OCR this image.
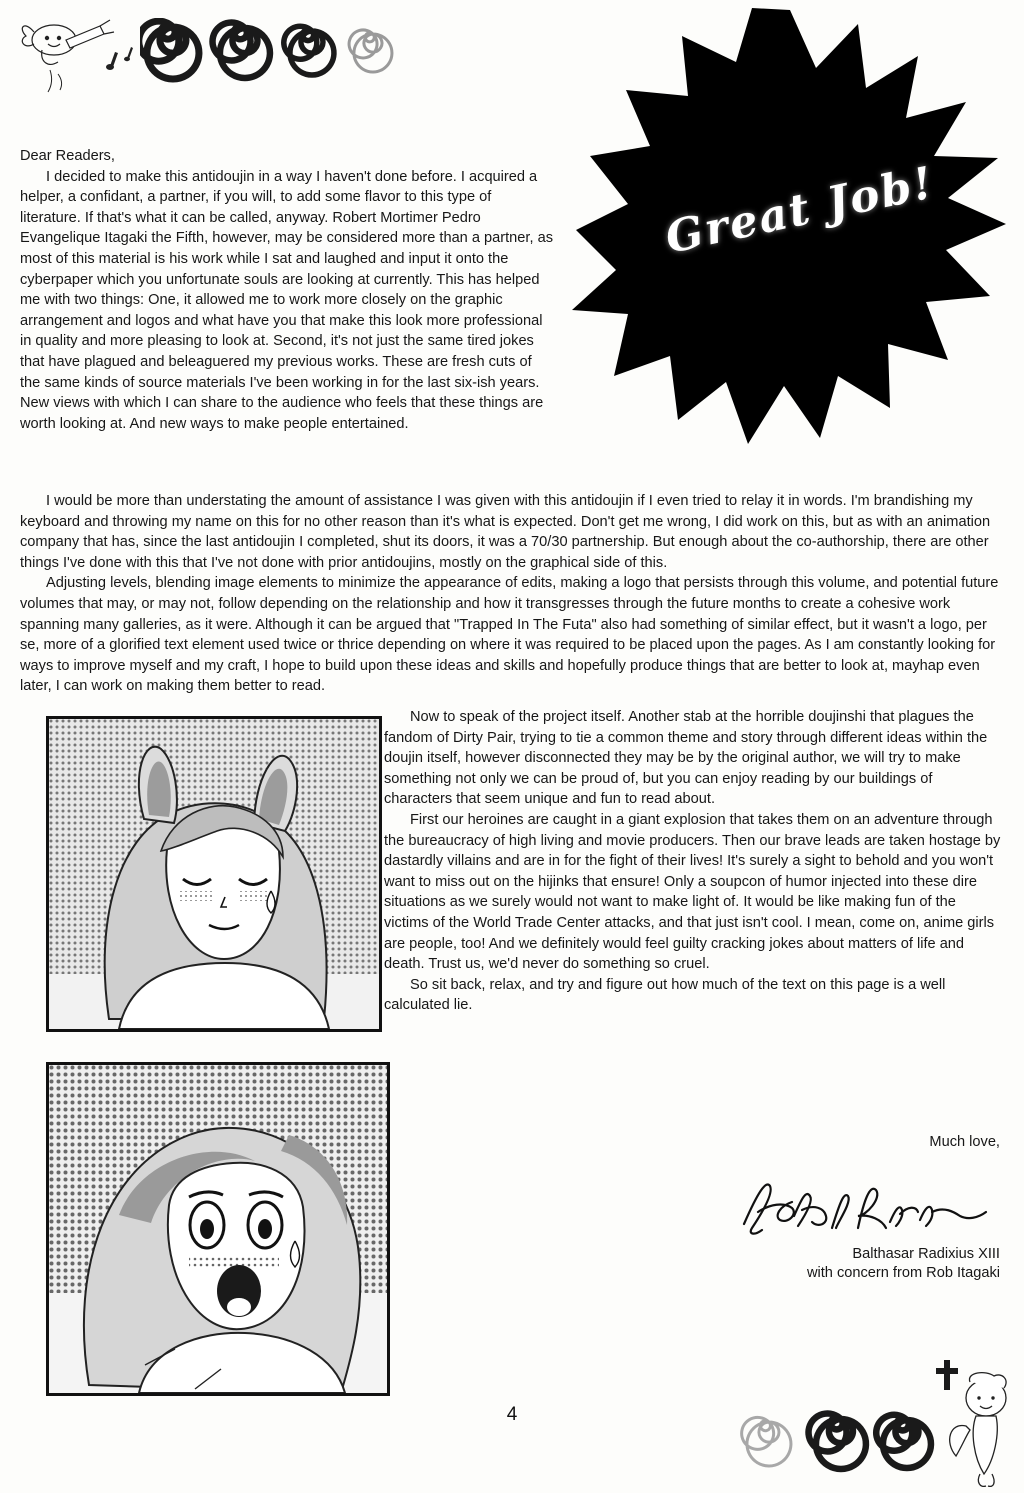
Great Job!

Dear Readers,

I decided to make this antidoujin in a way I haven't done before. I acquired a helper, a confidant, a partner, if you will, to add some flavor to this type of literature. If that's what it can be called, anyway. Robert Mortimer Pedro Evangelique Itagaki the Fifth, however, may be considered more than a partner, as most of this material is his work while I sat and laughed and input it onto the cyberpaper which you unfortunate souls are looking at currently. This has helped me with two things: One, it allowed me to work more closely on the graphic arrangement and logos and what have you that make this look more professional in quality and more pleasing to look at. Second, it's not just the same tired jokes that have plagued and beleaguered my previous works. These are fresh cuts of the same kinds of source materials I've been working in for the last six-ish years. New views with which I can share to the audience who feels that these things are worth looking at. And new ways to make people entertained.

I would be more than understating the amount of assistance I was given with this antidoujin if I even tried to relay it in words. I'm brandishing my keyboard and throwing my name on this for no other reason than it's what is expected. Don't get me wrong, I did work on this, but as with an animation company that has, since the last antidoujin I completed, shut its doors, it was a 70/30 partnership. But enough about the co-authorship, there are other things I've done with this that I've not done with prior antidoujins, mostly on the graphical side of this.

Adjusting levels, blending image elements to minimize the appearance of edits, making a logo that persists through this volume, and potential future volumes that may, or may not, follow depending on the relationship and how it transgresses through the future months to create a cohesive work spanning many galleries, as it were. Although it can be argued that "Trapped In The Futa" also had something of similar effect, but it wasn't a logo, per se, more of a glorified text element used twice or thrice depending on where it was required to be placed upon the pages. As I am constantly looking for ways to improve myself and my craft, I hope to build upon these ideas and skills and hopefully produce things that are better to look at, mayhap even later, I can work on making them better to read.

Now to speak of the project itself. Another stab at the horrible doujinshi that plagues the fandom of Dirty Pair, trying to tie a common theme and story through different ideas within the doujin itself, however disconnected they may be by the original author, we will try to make something not only we can be proud of, but you can enjoy reading by our buildings of characters that seem unique and fun to read about.

First our heroines are caught in a giant explosion that takes them on an adventure through the bureaucracy of high living and movie producers. Then our brave leads are taken hostage by dastardly villains and are in for the fight of their lives! It's surely a sight to behold and you won't want to miss out on the hijinks that ensure! Only a soupcon of humor injected into these dire situations as we surely would not want to make light of. It would be like making fun of the victims of the World Trade Center attacks, and that just isn't cool. I mean, come on, anime girls are people, too! And we definitely would feel guilty cracking jokes about matters of life and death. Trust us, we'd never do something so cruel.

So sit back, relax, and try and figure out how much of the text on this page is a well calculated lie.

Much love,
Balthasar Radixius XIII
with concern from Rob Itagaki
4
